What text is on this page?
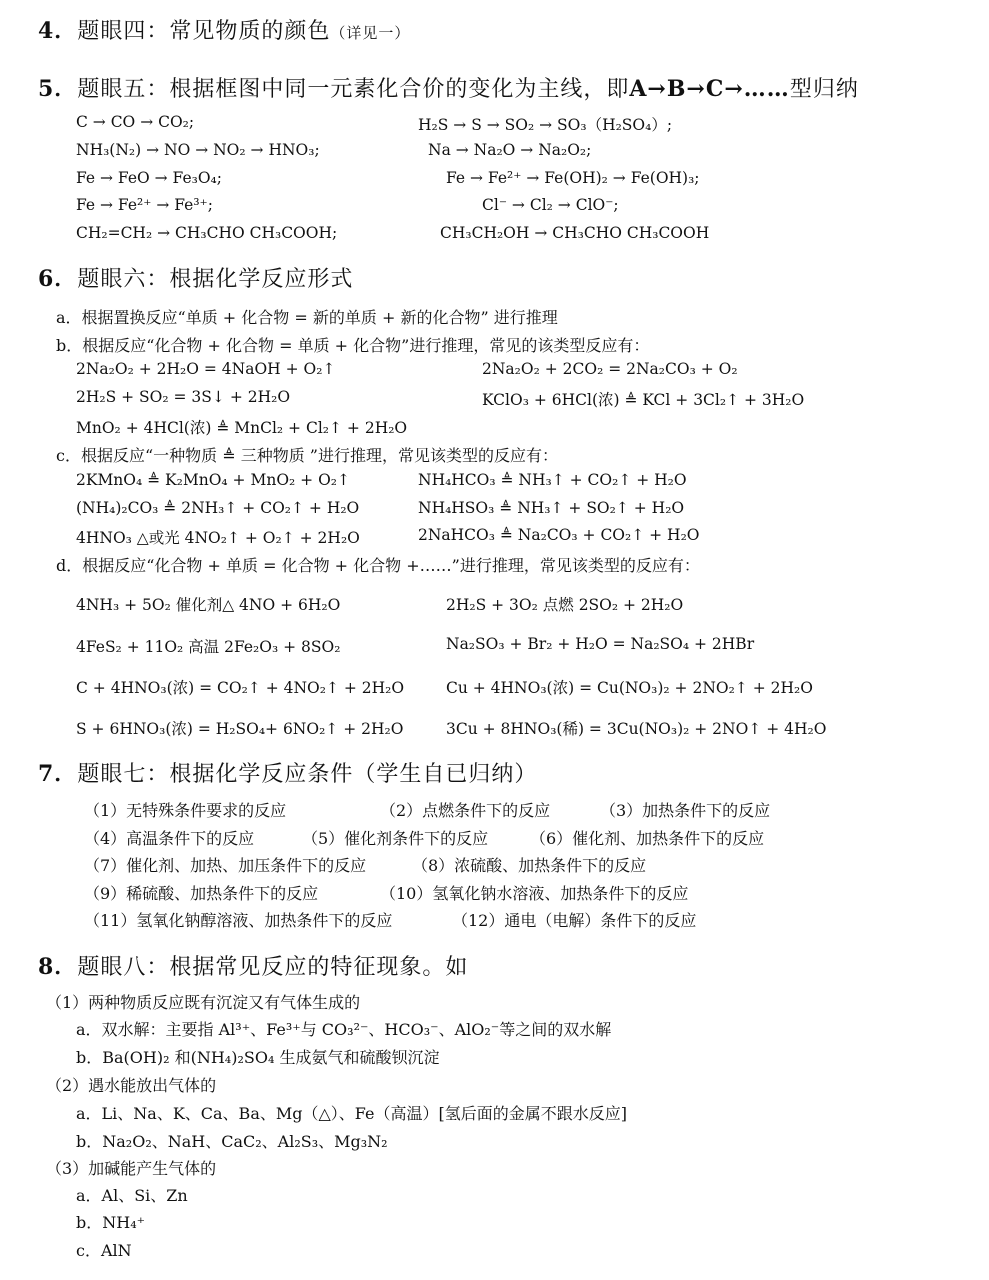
4．题眼四：常见物质的颜色（详见一）
5．题眼五：根据框图中同一元素化合价的变化为主线，即A→B→C→……型归纳
C → CO → CO₂;	H₂S → S → SO₂ → SO₃（H₂SO₄）;
NH₃(N₂) → NO → NO₂ → HNO₃;	Na → Na₂O → Na₂O₂;
Fe → FeO → Fe₃O₄;	Fe → Fe²⁺ → Fe(OH)₂ → Fe(OH)₃;
Fe → Fe²⁺ → Fe³⁺;	Cl⁻ → Cl₂ → ClO⁻;
CH₂=CH₂ → CH₃CHO CH₃COOH;	CH₃CH₂OH → CH₃CHO CH₃COOH
6．题眼六：根据化学反应形式
a．根据置换反应“单质 + 化合物 = 新的单质 + 新的化合物” 进行推理
b．根据反应“化合物 + 化合物 = 单质 + 化合物”进行推理，常见的该类型反应有：
2Na₂O₂ + 2H₂O = 4NaOH + O₂↑	2Na₂O₂ + 2CO₂ = 2Na₂CO₃ + O₂
2H₂S + SO₂ = 3S↓ + 2H₂O	KClO₃ + 6HCl(浓) ≜ KCl + 3Cl₂↑ + 3H₂O
MnO₂ + 4HCl(浓) ≜ MnCl₂ + Cl₂↑ + 2H₂O
c．根据反应“一种物质 ≜ 三种物质 ”进行推理，常见该类型的反应有：
2KMnO₄ ≜ K₂MnO₄ + MnO₂ + O₂↑	NH₄HCO₃ ≜ NH₃↑ + CO₂↑ + H₂O
(NH₄)₂CO₃ ≜ 2NH₃↑ + CO₂↑ + H₂O	NH₄HSO₃ ≜ NH₃↑ + SO₂↑ + H₂O
4HNO₃ △或光 4NO₂↑ + O₂↑ + 2H₂O	2NaHCO₃ ≜ Na₂CO₃ + CO₂↑ + H₂O
d．根据反应“化合物 + 单质 = 化合物 + 化合物 +……”进行推理，常见该类型的反应有：
4NH₃ + 5O₂ 催化剂△ 4NO + 6H₂O	2H₂S + 3O₂ 点燃 2SO₂ + 2H₂O
4FeS₂ + 11O₂ 高温 2Fe₂O₃ + 8SO₂	Na₂SO₃ + Br₂ + H₂O = Na₂SO₄ + 2HBr
C + 4HNO₃(浓) = CO₂↑ + 4NO₂↑ + 2H₂O	Cu + 4HNO₃(浓) = Cu(NO₃)₂ + 2NO₂↑ + 2H₂O
S + 6HNO₃(浓) = H₂SO₄+ 6NO₂↑ + 2H₂O	3Cu + 8HNO₃(稀) = 3Cu(NO₃)₂ + 2NO↑ + 4H₂O
7．题眼七：根据化学反应条件（学生自已归纳）
（1）无特殊条件要求的反应	（2）点燃条件下的反应	（3）加热条件下的反应
（4）高温条件下的反应	（5）催化剂条件下的反应	（6）催化剂、加热条件下的反应
（7）催化剂、加热、加压条件下的反应	（8）浓硫酸、加热条件下的反应
（9）稀硫酸、加热条件下的反应	（10）氢氧化钠水溶液、加热条件下的反应
（11）氢氧化钠醇溶液、加热条件下的反应	（12）通电（电解）条件下的反应
8．题眼八：根据常见反应的特征现象。如
（1）两种物质反应既有沉淀又有气体生成的
a．双水解：主要指 Al³⁺、Fe³⁺与 CO₃²⁻、HCO₃⁻、AlO₂⁻等之间的双水解
b．Ba(OH)₂ 和(NH₄)₂SO₄ 生成氨气和硫酸钡沉淀
（2）遇水能放出气体的
a．Li、Na、K、Ca、Ba、Mg（△）、Fe（高温）[氢后面的金属不跟水反应]
b．Na₂O₂、NaH、CaC₂、Al₂S₃、Mg₃N₂
（3）加碱能产生气体的
a．Al、Si、Zn
b．NH₄⁺
c．AlN
